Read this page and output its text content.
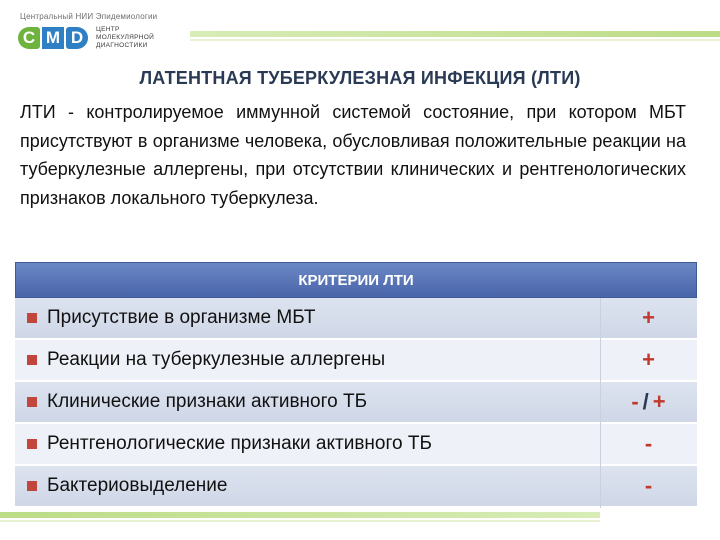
Центральный НИИ Эпидемиологии
C M D	ЦЕНТР
МОЛЕКУЛЯРНОЙ
ДИАГНОСТИКИ
ЛАТЕНТНАЯ ТУБЕРКУЛЕЗНАЯ ИНФЕКЦИЯ (ЛТИ)
ЛТИ - контролируемое иммунной системой состояние, при котором МБТ присутствуют в организме человека, обусловливая положительные реакции на туберкулезные аллергены, при отсутствии клинических и рентгенологических признаков локального туберкулеза.
КРИТЕРИИ ЛТИ
Присутствие в организме МБТ
Реакции на туберкулезные аллергены
Клинические признаки активного ТБ
Рентгенологические признаки активного ТБ
Бактериовыделение
+
+
- / +
-
-
